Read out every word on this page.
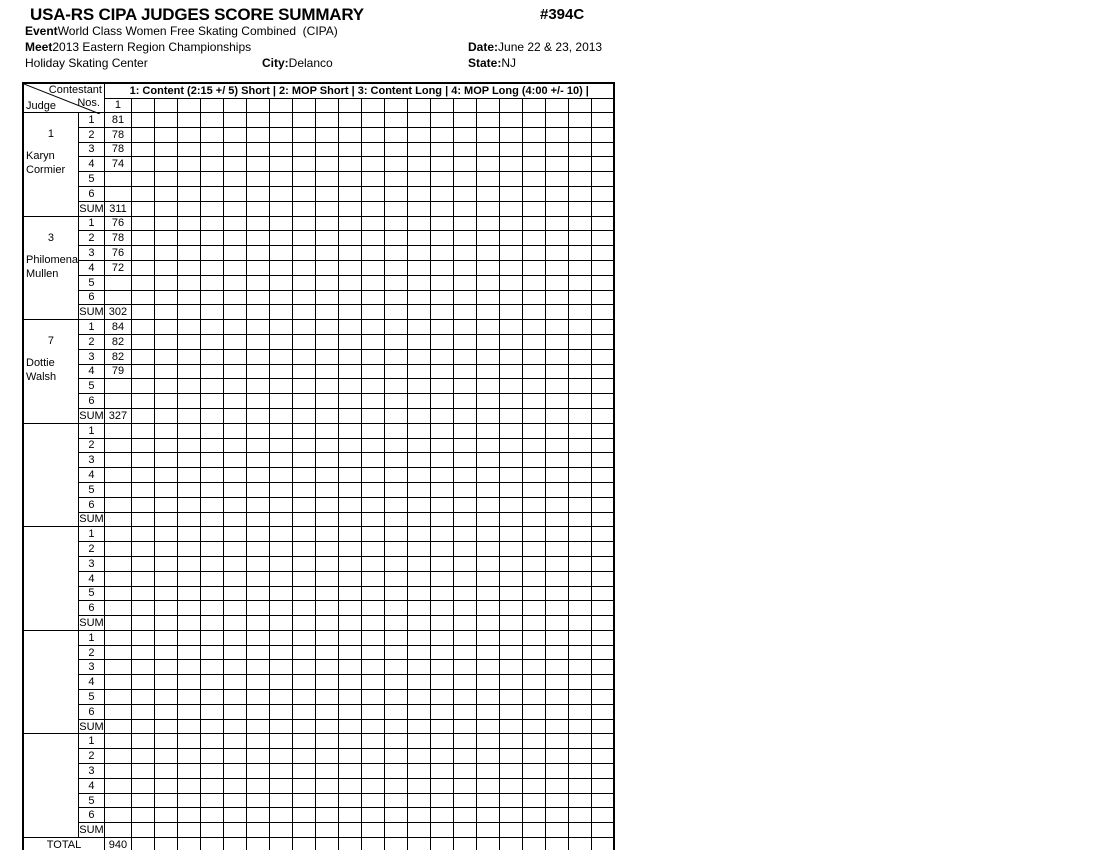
USA-RS CIPA JUDGES SCORE SUMMARY	#394C
EventWorld Class Women Free Skating Combined  (CIPA)
Meet2013 Eastern Region Championships	Date:June 22 & 23, 2013
Holiday Skating Center	City:Delanco	State:NJ
Contestant
Nos.
Judge		1: Content (2:15 +/ 5) Short | 2: MOP Short | 3: Content Long | 4: MOP Long (4:00 +/- 10) |																					
		1																					

1
Karyn Cormier	1	81																					
	2	78																					
	3	78																					
	4	74																					
	5																						
	6																						
	SUM	311																					

3
Philomena Mullen	1	76																					
	2	78																					
	3	76																					
	4	72																					
	5																						
	6																						
	SUM	302																					

7
Dottie Walsh	1	84																					
	2	82																					
	3	82																					
	4	79																					
	5																						
	6																						
	SUM	327																					

	1																						
	2																						
	3																						
	4																						
	5																						
	6																						
	SUM																						

	1																						
	2																						
	3																						
	4																						
	5																						
	6																						
	SUM																						

	1																						
	2																						
	3																						
	4																						
	5																						
	6																						
	SUM																						

	1																						
	2																						
	3																						
	4																						
	5																						
	6																						
	SUM																						
TOTAL		940																					
